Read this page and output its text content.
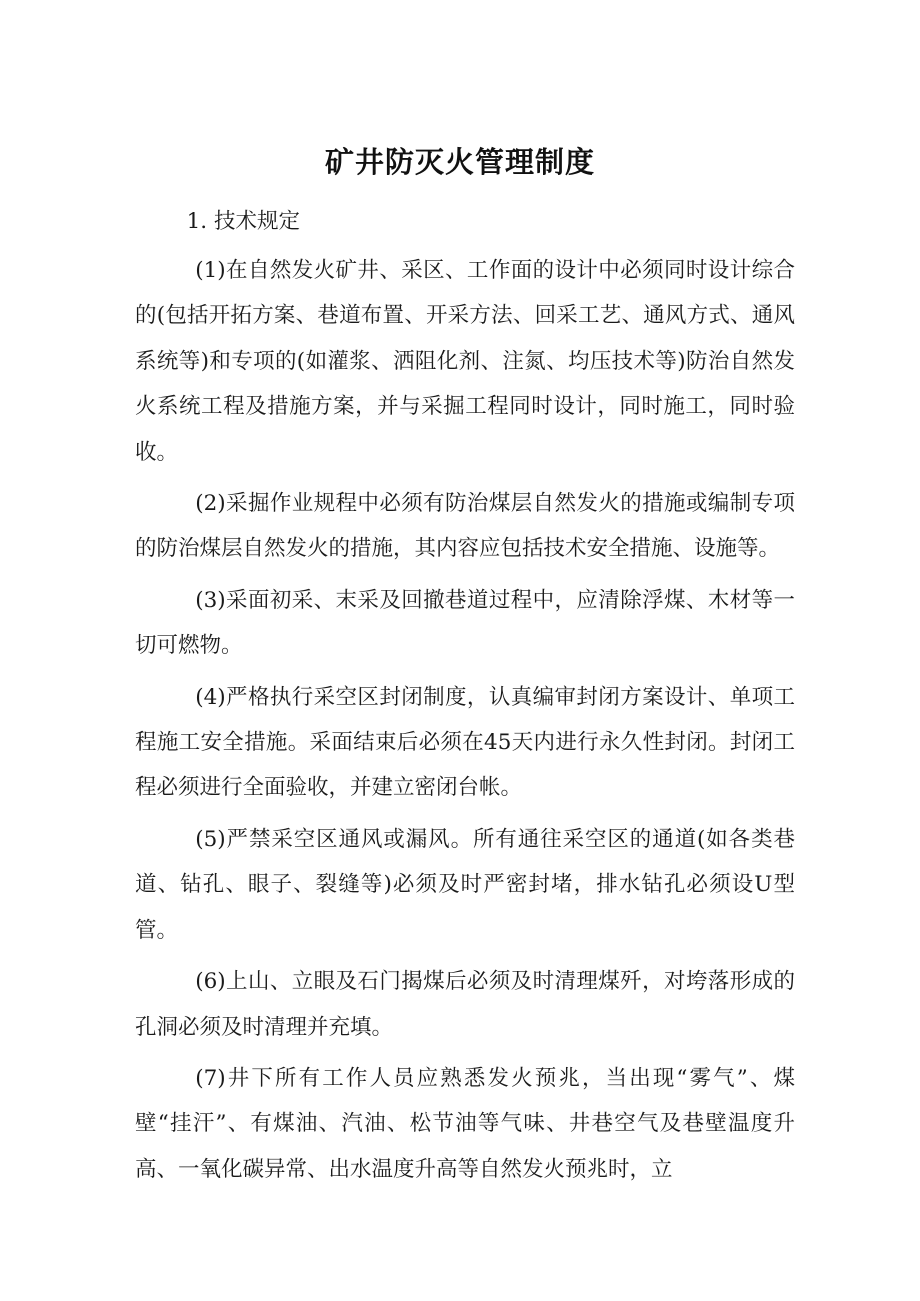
矿井防灭火管理制度

1. 技术规定

(1)在自然发火矿井、采区、工作面的设计中必须同时设计综合的(包括开拓方案、巷道布置、开采方法、回采工艺、通风方式、通风系统等)和专项的(如灌浆、洒阻化剂、注氮、均压技术等)防治自然发火系统工程及措施方案，并与采掘工程同时设计，同时施工，同时验收。

(2)采掘作业规程中必须有防治煤层自然发火的措施或编制专项的防治煤层自然发火的措施，其内容应包括技术安全措施、设施等。

(3)采面初采、末采及回撤巷道过程中，应清除浮煤、木材等一切可燃物。

(4)严格执行采空区封闭制度，认真编审封闭方案设计、单项工程施工安全措施。采面结束后必须在45天内进行永久性封闭。封闭工程必须进行全面验收，并建立密闭台帐。

(5)严禁采空区通风或漏风。所有通往采空区的通道(如各类巷道、钻孔、眼子、裂缝等)必须及时严密封堵，排水钻孔必须设U型管。

(6)上山、立眼及石门揭煤后必须及时清理煤歼，对垮落形成的孔洞必须及时清理并充填。

(7)井下所有工作人员应熟悉发火预兆，当出现“雾气”、煤壁“挂汗”、有煤油、汽油、松节油等气味、井巷空气及巷壁温度升高、一氧化碳异常、出水温度升高等自然发火预兆时，立
